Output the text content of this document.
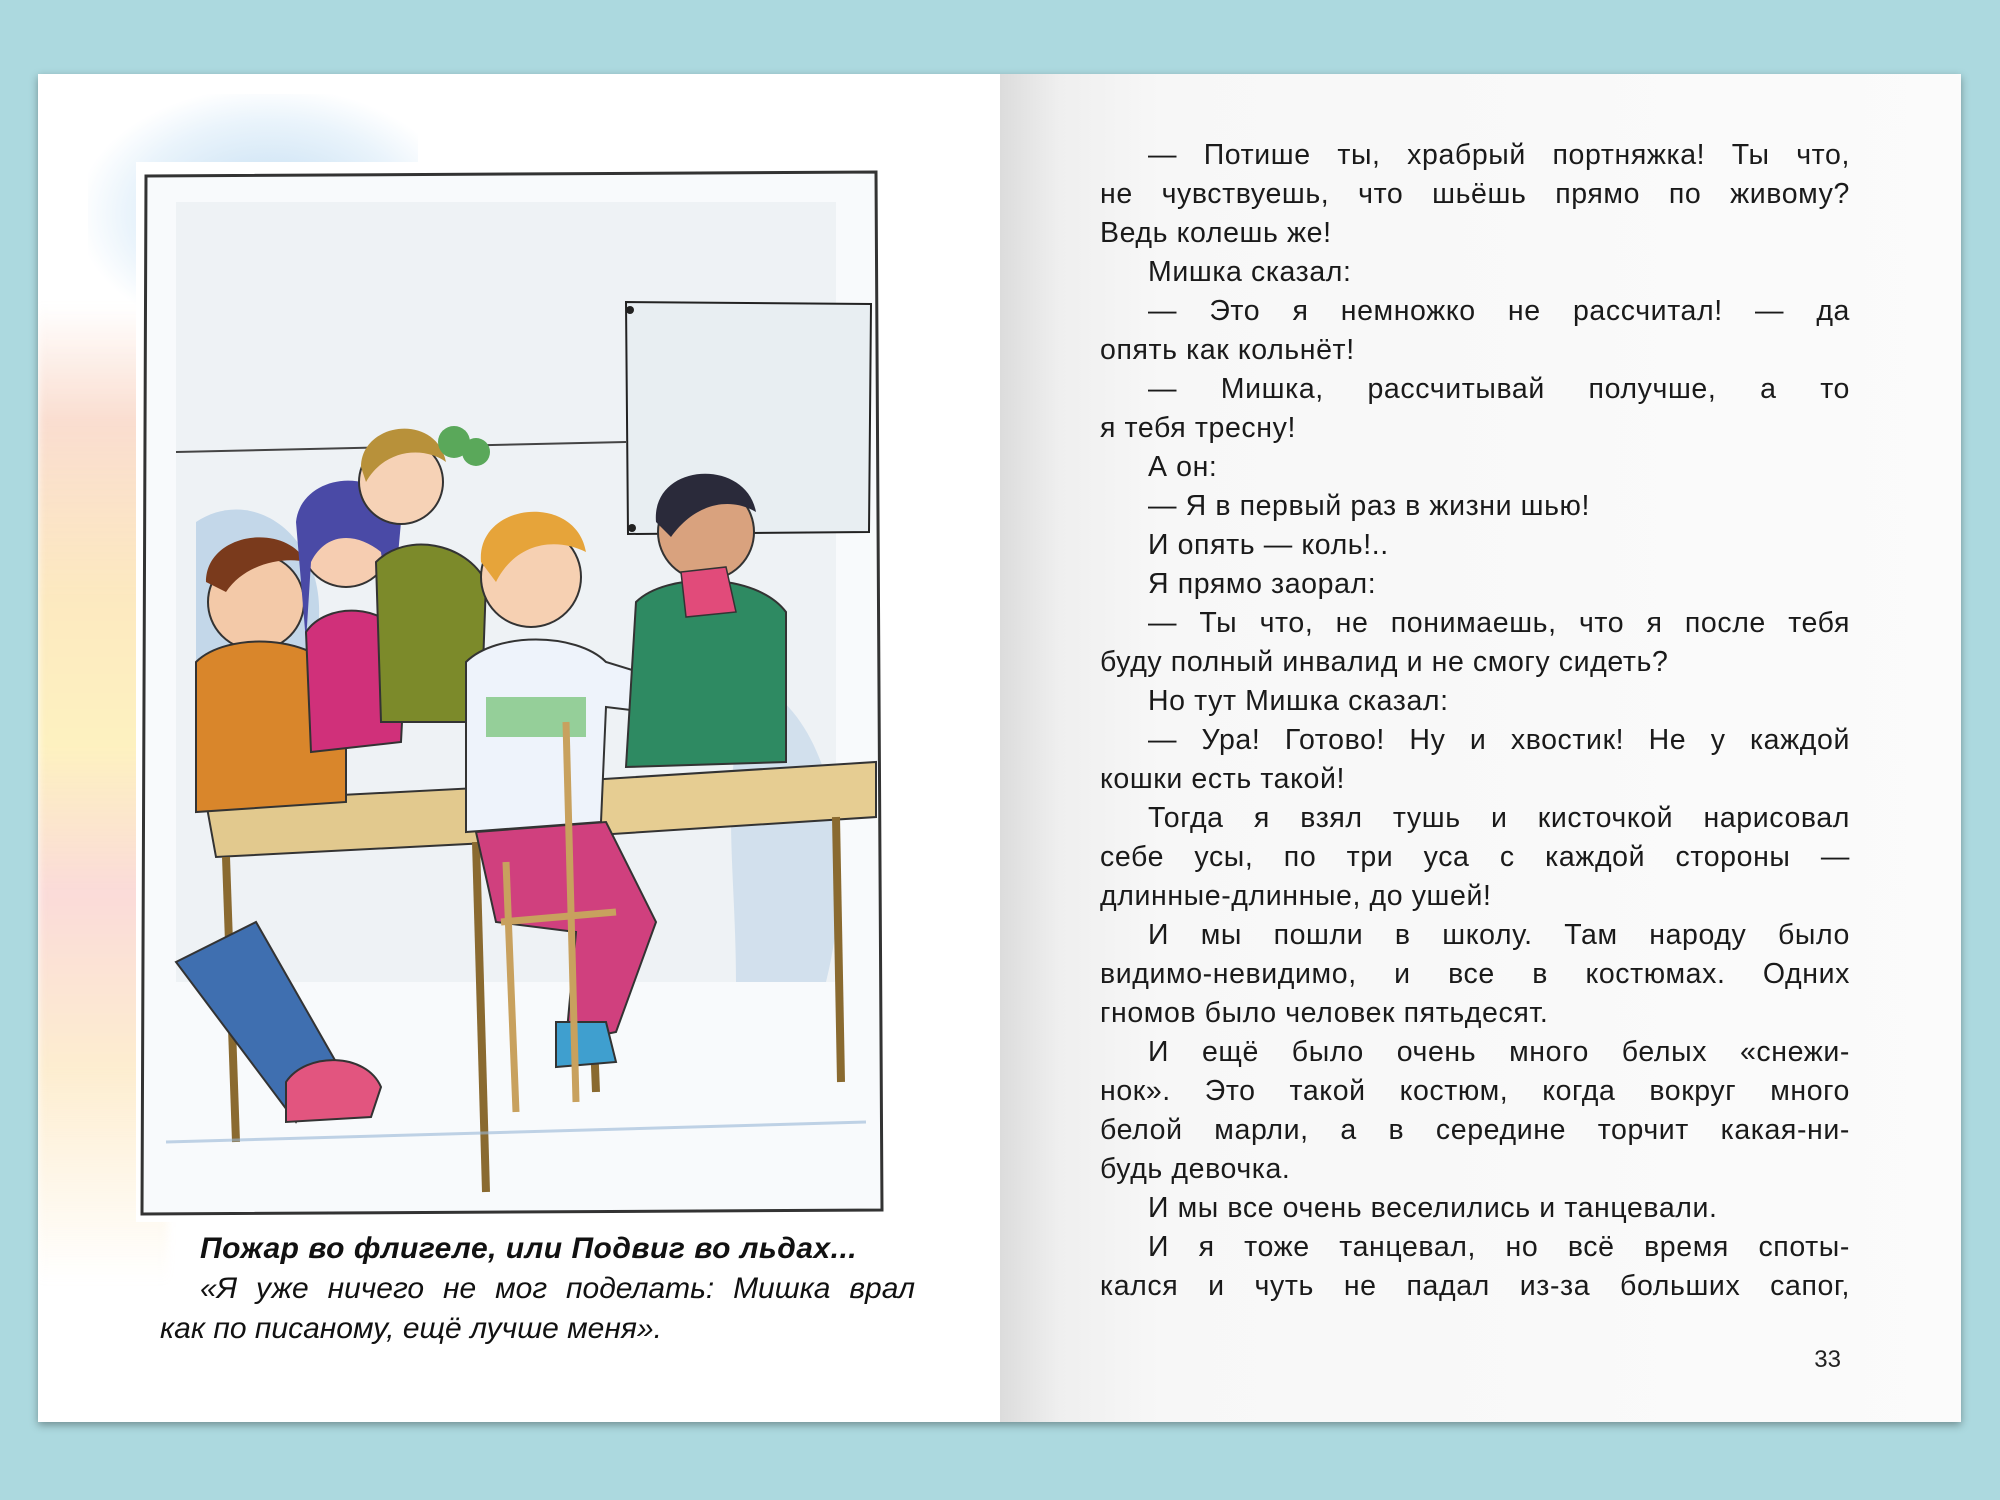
Пожар во флигеле, или Подвиг во льдах...
«Я уже ничего не мог поделать: Мишка врал
как по писаному, ещё лучше меня».
— Потише ты, храбрый портняжка! Ты что,
не чувствуешь, что шьёшь прямо по живому?
Ведь колешь же!
Мишка сказал:
— Это я немножко не рассчитал! — да
опять как кольнёт!
— Мишка, рассчитывай получше, а то
я тебя тресну!
А он:
— Я в первый раз в жизни шью!
И опять — коль!..
Я прямо заорал:
— Ты что, не понимаешь, что я после тебя
буду полный инвалид и не смогу сидеть?
Но тут Мишка сказал:
— Ура! Готово! Ну и хвостик! Не у каждой
кошки есть такой!
Тогда я взял тушь и кисточкой нарисовал
себе усы, по три уса с каждой стороны —
длинные-длинные, до ушей!
И мы пошли в школу. Там народу было
видимо-невидимо, и все в костюмах. Одних
гномов было человек пятьдесят.
И ещё было очень много белых «снежи-
нок». Это такой костюм, когда вокруг много
белой марли, а в середине торчит какая-ни-
будь девочка.
И мы все очень веселились и танцевали.
И я тоже танцевал, но всё время споты-
кался и чуть не падал из-за больших сапог,
33
